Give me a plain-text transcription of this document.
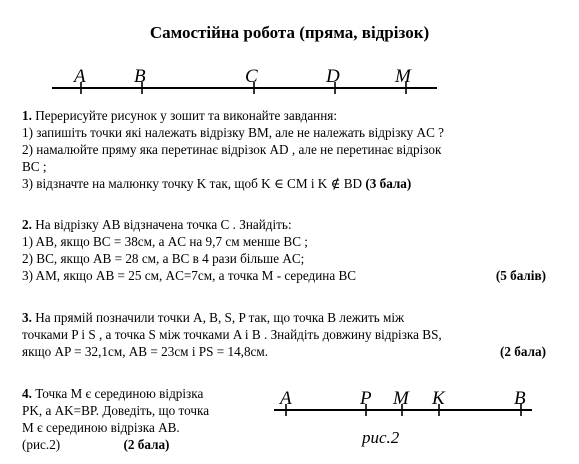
Самостійна робота (пряма, відрізок)
A	B	C	D	M

1. Перерисуйте рисунок у зошит та виконайте завдання:

1) запишіть точки які належать відрізку BM, але не належать відрізку AC ?

2) намалюйте пряму яка перетинає відрізок AD , але не перетинає відрізок

BC ;

3) відзначте на малюнку точку K так, щоб K ∈ CM і K ∉ BD (3 бала)

2. На відрізку AB відзначена точка C . Знайдіть:

1) AB, якщо BC = 38см, а AC на 9,7 см менше BC ;

2) BC, якщо AB = 28 см, а BC в 4 рази більше AC;

3) AM, якщо AB = 25 см, AC=7см, а точка M - середина BC	(5 балів)

3. На прямій позначили точки A, B, S, P так, що точка B лежить між

точками P і S , а точка S між точками A і B . Знайдіть довжину відрізка BS,

якщо AP = 32,1см, AB = 23см і PS = 14,8см.	(2 бала)

4. Точка M є серединою відрізка

PK, а AK=BP. Доведіть, що точка

M є серединою відрізка AB.

(рис.2)	(2 бала)

A	P M K	B
рис.2
